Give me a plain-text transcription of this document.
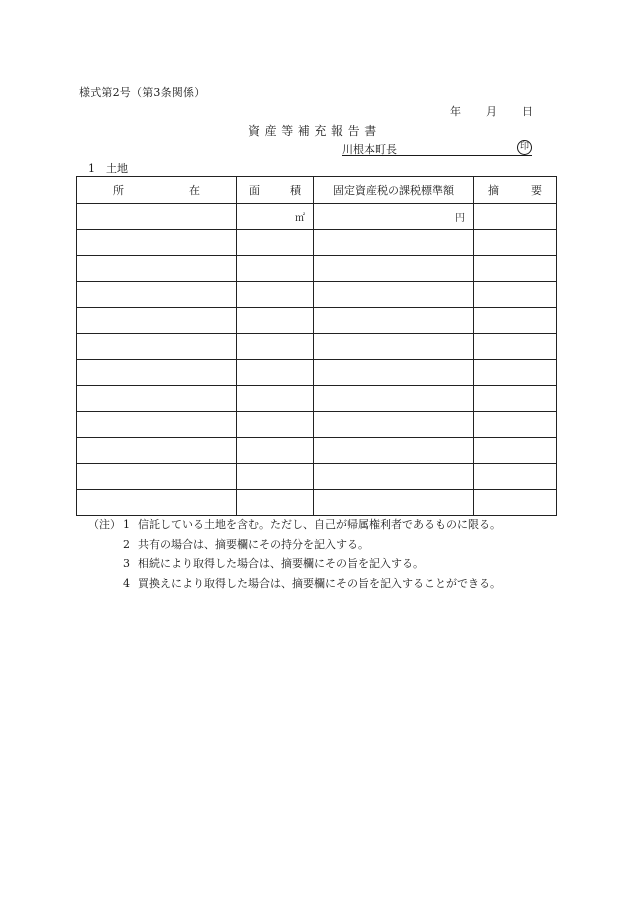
様式第2号（第3条関係）
年	月	日
資産等補充報告書
川根本町長	印
1　土地
所 在	面 積	固定資産税の課税標準額	摘 要

	㎡	円	

（注） 1 信託している土地を含む。ただし、自己が帰属権利者であるものに限る。
2 共有の場合は、摘要欄にその持分を記入する。
3 相続により取得した場合は、摘要欄にその旨を記入する。
4 買換えにより取得した場合は、摘要欄にその旨を記入することができる。
